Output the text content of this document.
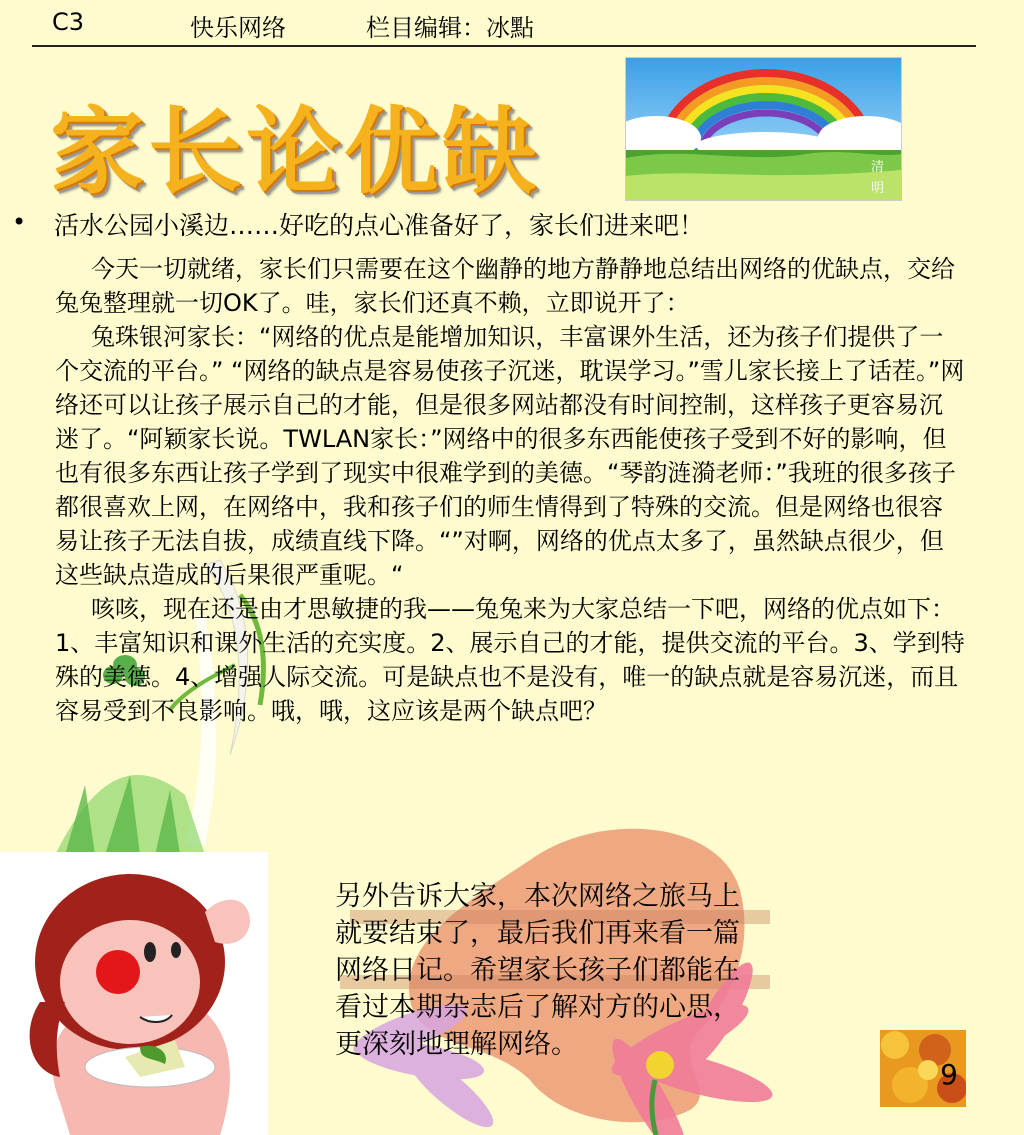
C3	快乐网络	栏目编辑：冰點
家长论优缺	清
明
• 活水公园小溪边……好吃的点心准备好了，家长们进来吧！

今天一切就绪，家长们只需要在这个幽静的地方静静地总结出网络的优缺点，交给兔兔整理就一切OK了。哇，家长们还真不赖，立即说开了：

兔珠银河家长：“网络的优点是能增加知识，丰富课外生活，还为孩子们提供了一个交流的平台。” “网络的缺点是容易使孩子沉迷，耽误学习。”雪儿家长接上了话茬。”网络还可以让孩子展示自己的才能，但是很多网站都没有时间控制，这样孩子更容易沉迷了。“阿颖家长说。TWLAN家长：”网络中的很多东西能使孩子受到不好的影响，但也有很多东西让孩子学到了现实中很难学到的美德。“琴韵涟漪老师：”我班的很多孩子都很喜欢上网，在网络中，我和孩子们的师生情得到了特殊的交流。但是网络也很容易让孩子无法自拔，成绩直线下降。“”对啊，网络的优点太多了，虽然缺点很少，但这些缺点造成的后果很严重呢。“

咳咳，现在还是由才思敏捷的我——兔兔来为大家总结一下吧，网络的优点如下：1、丰富知识和课外生活的充实度。2、展示自己的才能，提供交流的平台。3、学到特殊的美德。4、增强人际交流。可是缺点也不是没有，唯一的缺点就是容易沉迷，而且容易受到不良影响。哦，哦，这应该是两个缺点吧？

另外告诉大家，本次网络之旅马上就要结束了，最后我们再来看一篇网络日记。希望家长孩子们都能在看过本期杂志后了解对方的心思，更深刻地理解网络。

9
